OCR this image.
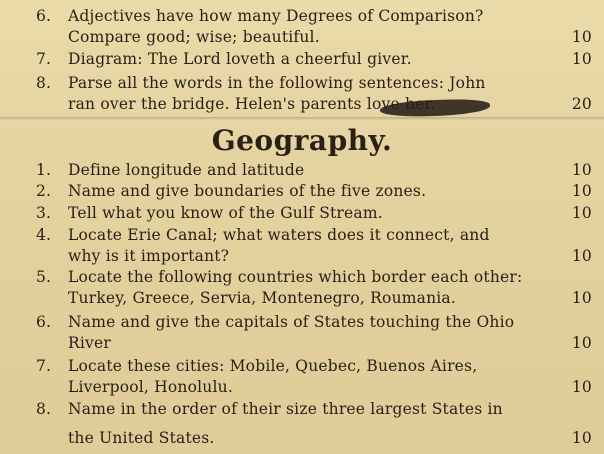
6. Adjectives have how many Degrees of Comparison?
Compare good; wise; beautiful.	10
7. Diagram: The Lord loveth a cheerful giver.	10
8. Parse all the words in the following sentences: John
ran over the bridge. Helen's parents love her.	20
Geography.
1. Define longitude and latitude	10
2. Name and give boundaries of the five zones.	10
3. Tell what you know of the Gulf Stream.	10
4. Locate Erie Canal; what waters does it connect, and
why is it important?	10
5. Locate the following countries which border each other:
Turkey, Greece, Servia, Montenegro, Roumania.	10
6. Name and give the capitals of States touching the Ohio
River	10
7. Locate these cities: Mobile, Quebec, Buenos Aires,
Liverpool, Honolulu.	10
8. Name in the order of their size three largest States in
the United States.	10
